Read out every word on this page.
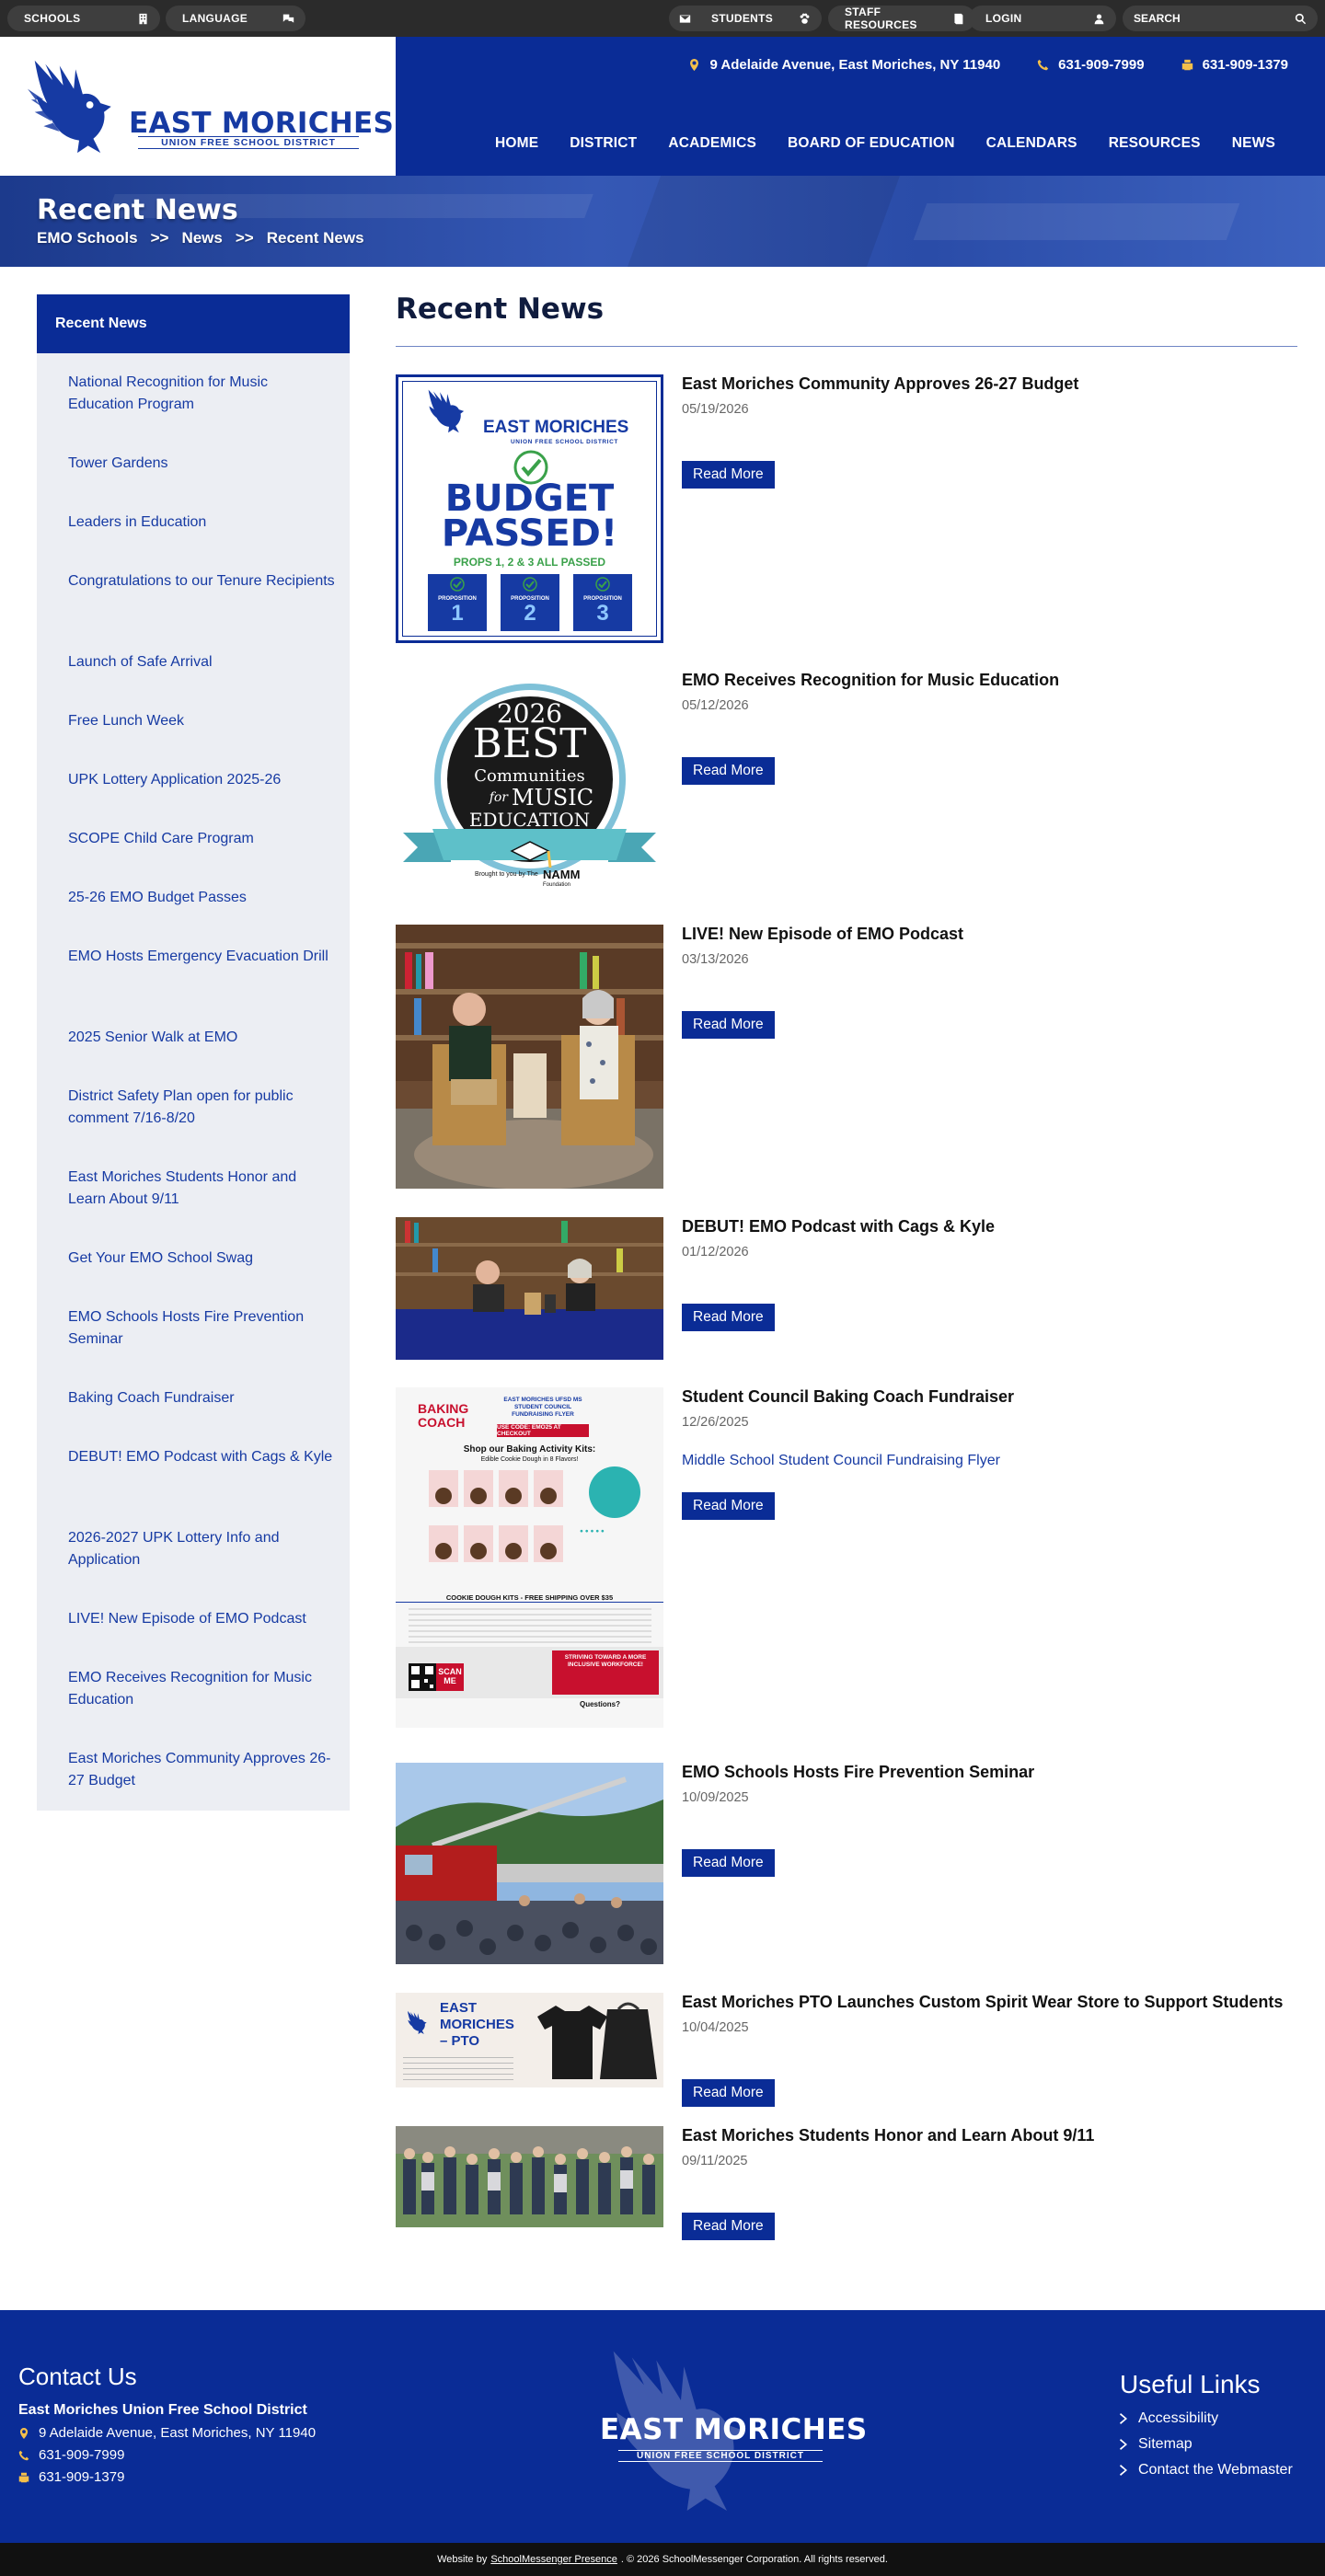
SCHOOLS	LANGUAGE	STUDENTS	STAFF RESOURCES	LOGIN
SEARCH
EAST MORICHES
UNION FREE SCHOOL DISTRICT
9 Adelaide Avenue, East Moriches, NY 11940	631-909-7999	631-909-1379
HOME DISTRICT ACADEMICS BOARD OF EDUCATION CALENDARS RESOURCES NEWS
Recent News
EMO Schools >> News >> Recent News
Recent News
National Recognition for Music Education Program
Tower Gardens
Leaders in Education
Congratulations to our Tenure Recipients
Launch of Safe Arrival
Free Lunch Week
UPK Lottery Application 2025-26
SCOPE Child Care Program
25-26 EMO Budget Passes
EMO Hosts Emergency Evacuation Drill
2025 Senior Walk at EMO
District Safety Plan open for public comment 7/16-8/20
East Moriches Students Honor and Learn About 9/11
Get Your EMO School Swag
EMO Schools Hosts Fire Prevention Seminar
Baking Coach Fundraiser
DEBUT! EMO Podcast with Cags & Kyle
2026-2027 UPK Lottery Info and Application
LIVE! New Episode of EMO Podcast
EMO Receives Recognition for Music Education
East Moriches Community Approves 26-27 Budget
Recent News
EAST MORICHES
UNION FREE SCHOOL DISTRICT
BUDGET
PASSED!
PROPS 1, 2 & 3 ALL PASSED
PROPOSITION
1
PROPOSITION
2
PROPOSITION
3
East Moriches Community Approves 26-27 Budget
05/19/2026
Read More
2026
BEST
Communities
for MUSIC
EDUCATION
Brought to you by The NAMM
Foundation
EMO Receives Recognition for Music Education
05/12/2026
Read More
LIVE! New Episode of EMO Podcast
03/13/2026
Read More
DEBUT! EMO Podcast with Cags & Kyle
01/12/2026
Read More
BAKING COACH
EAST MORICHES UFSD MS STUDENT COUNCIL FUNDRAISING FLYER
USE CODE: EMO25 AT CHECKOUT
Shop our Baking Activity Kits:
Edible Cookie Dough in 8 Flavors!
● ● ● ● ●
COOKIE DOUGH KITS - FREE SHIPPING OVER $35
SCAN ME
STRIVING TOWARD A MORE INCLUSIVE WORKFORCE!
Questions?
Student Council Baking Coach Fundraiser
12/26/2025
Middle School Student Council Fundraising Flyer
Read More
EMO Schools Hosts Fire Prevention Seminar
10/09/2025
Read More
EAST MORICHES – PTO
East Moriches PTO Launches Custom Spirit Wear Store to Support Students
10/04/2025
Read More
East Moriches Students Honor and Learn About 9/11
09/11/2025
Read More
Contact Us
East Moriches Union Free School District
9 Adelaide Avenue, East Moriches, NY 11940
631-909-7999
631-909-1379
EAST MORICHES
UNION FREE SCHOOL DISTRICT
Useful Links
Accessibility
Sitemap
Contact the Webmaster
Website by SchoolMessenger Presence . © 2026 SchoolMessenger Corporation. All rights reserved.
